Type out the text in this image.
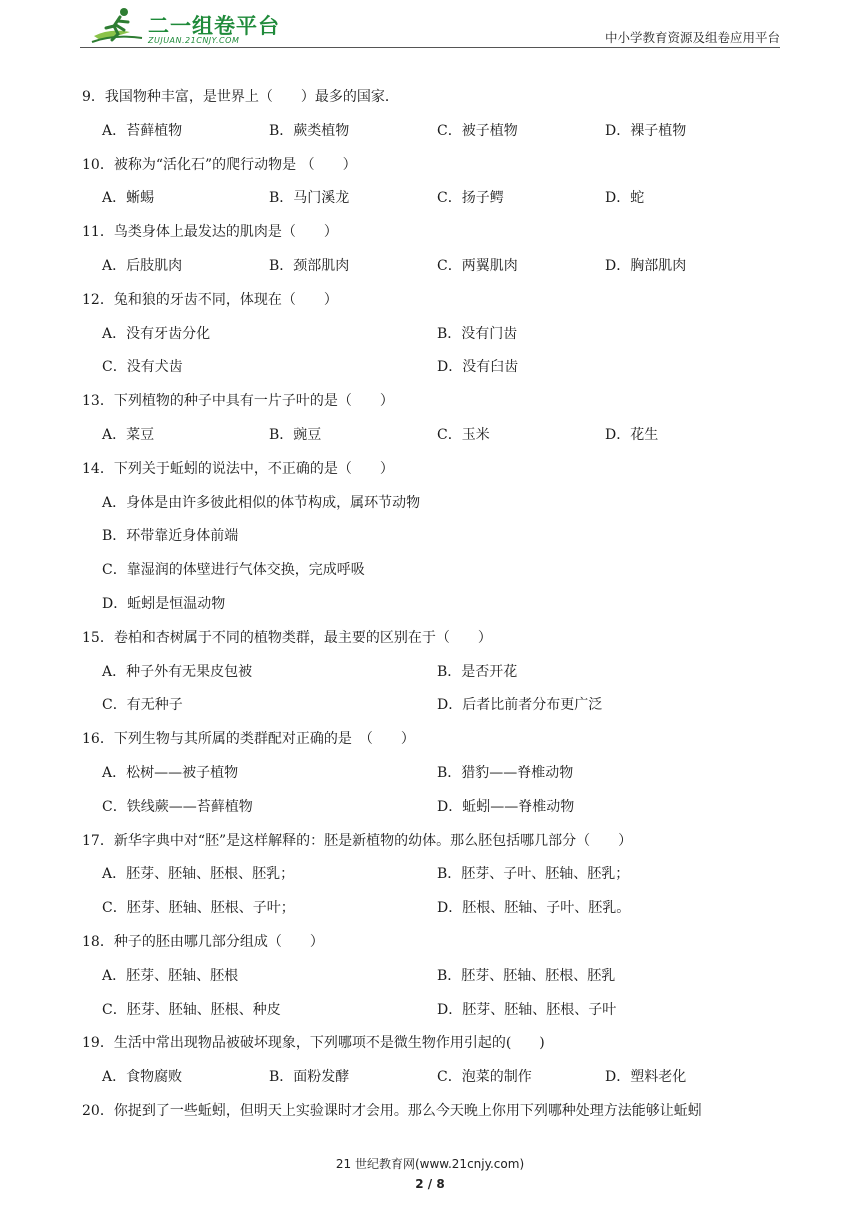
二一组卷平台
ZUJUAN.21CNJY.COM	中小学教育资源及组卷应用平台
9．我国物种丰富，是世界上（　　）最多的国家．
A．苔藓植物	B．蕨类植物	C．被子植物	D．裸子植物
10．被称为“活化石”的爬行动物是 （　　）
A．蜥蜴	B．马门溪龙	C．扬子鳄	D．蛇
11．鸟类身体上最发达的肌肉是（　　）
A．后肢肌肉	B．颈部肌肉	C．两翼肌肉	D．胸部肌肉
12．兔和狼的牙齿不同，体现在（　　）
A．没有牙齿分化	B．没有门齿
C．没有犬齿	D．没有臼齿
13．下列植物的种子中具有一片子叶的是（　　）
A．菜豆	B．豌豆	C．玉米	D．花生
14．下列关于蚯蚓的说法中，不正确的是（　　）
A．身体是由许多彼此相似的体节构成，属环节动物
B．环带靠近身体前端
C．靠湿润的体壁进行气体交换，完成呼吸
D．蚯蚓是恒温动物
15．卷柏和杏树属于不同的植物类群，最主要的区别在于（　　）
A．种子外有无果皮包被	B．是否开花
C．有无种子	D．后者比前者分布更广泛
16．下列生物与其所属的类群配对正确的是　（　　）
A．松树——被子植物	B．猎豹——脊椎动物
C．铁线蕨——苔藓植物	D．蚯蚓——脊椎动物
17．新华字典中对“胚”是这样解释的：胚是新植物的幼体。那么胚包括哪几部分（　　）
A．胚芽、胚轴、胚根、胚乳；	B．胚芽、子叶、胚轴、胚乳；
C．胚芽、胚轴、胚根、子叶；	D．胚根、胚轴、子叶、胚乳。
18．种子的胚由哪几部分组成（　　）
A．胚芽、胚轴、胚根	B．胚芽、胚轴、胚根、胚乳
C．胚芽、胚轴、胚根、种皮	D．胚芽、胚轴、胚根、子叶
19．生活中常出现物品被破坏现象，下列哪项不是微生物作用引起的(　　)
A．食物腐败	B．面粉发酵	C．泡菜的制作	D．塑料老化
20．你捉到了一些蚯蚓，但明天上实验课时才会用。那么今天晚上你用下列哪种处理方法能够让蚯蚓
21 世纪教育网(www.21cnjy.com)
2 / 8
